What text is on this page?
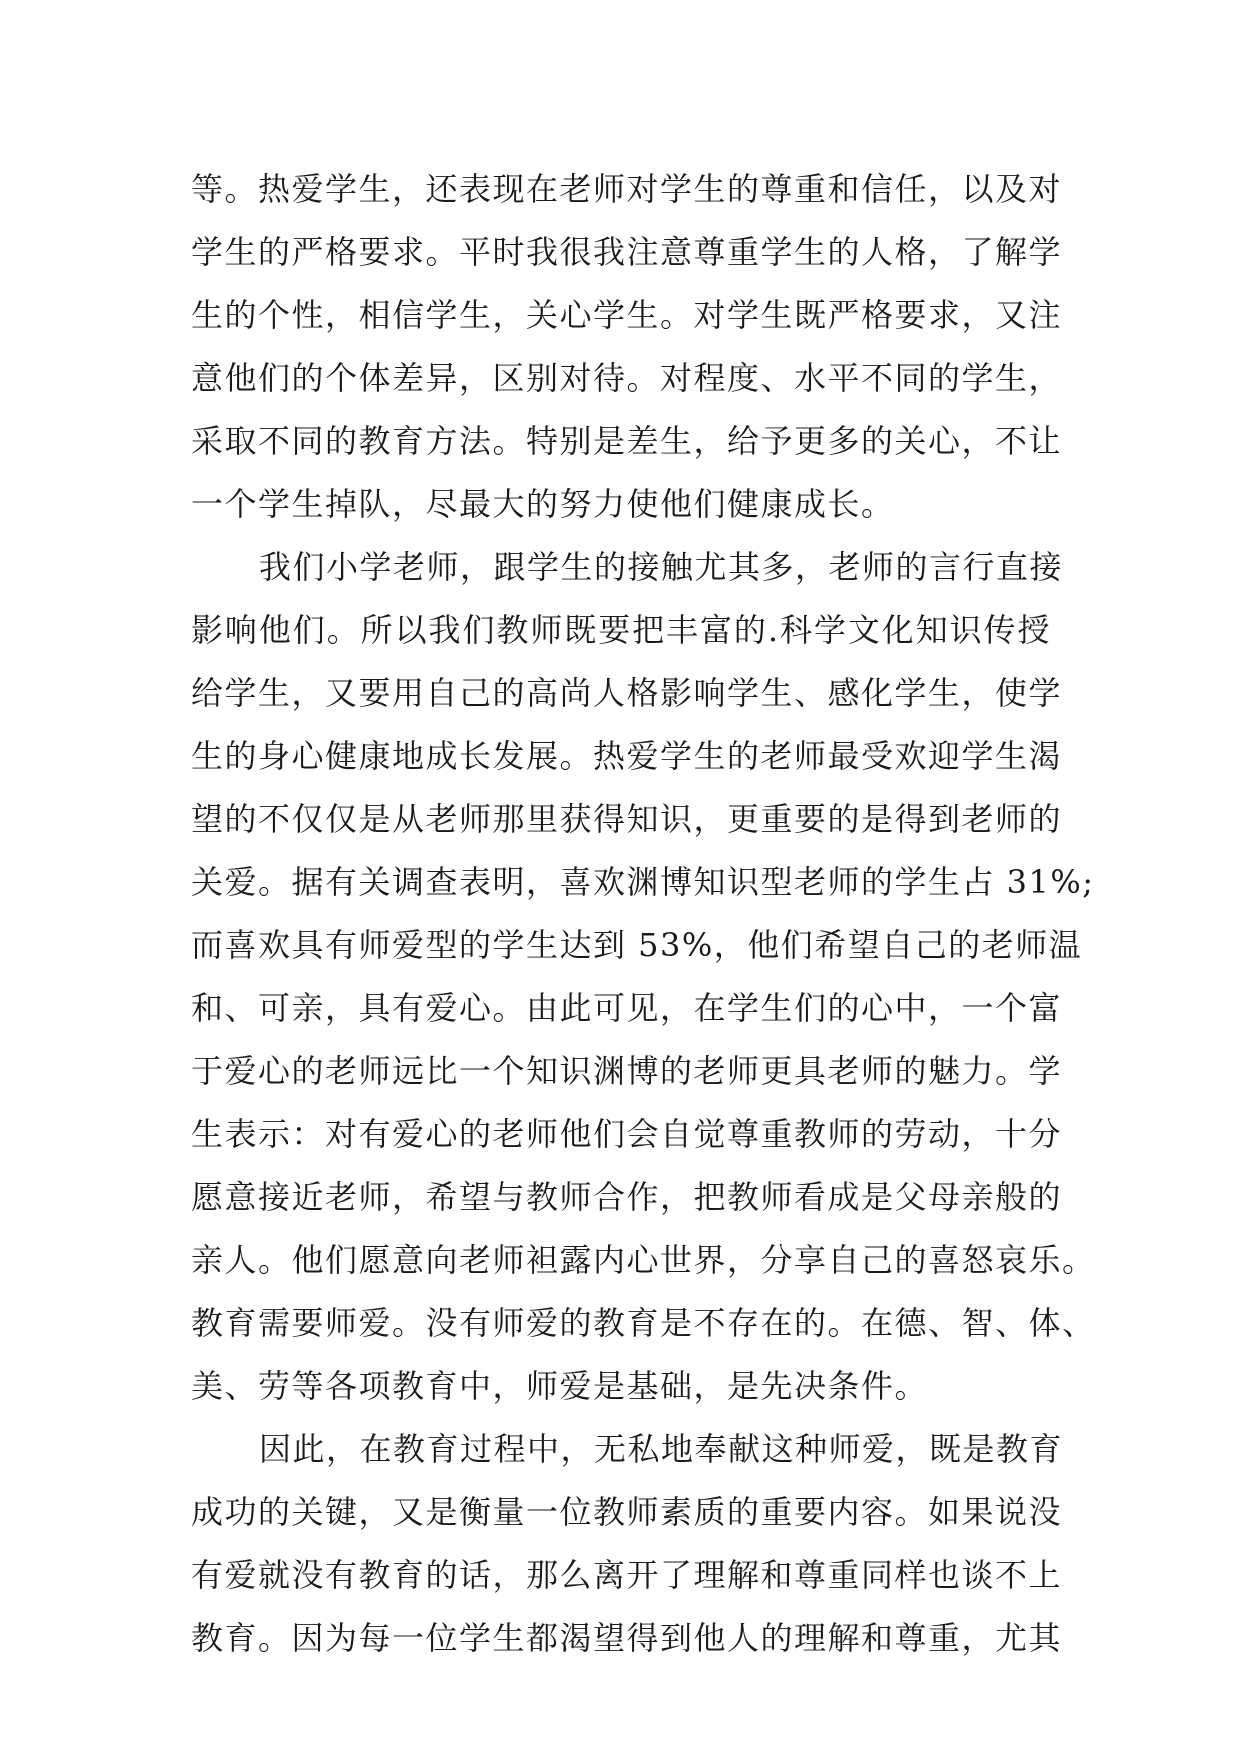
等。热爱学生，还表现在老师对学生的尊重和信任，以及对
学生的严格要求。平时我很我注意尊重学生的人格，了解学
生的个性，相信学生，关心学生。对学生既严格要求，又注
意他们的个体差异，区别对待。对程度、水平不同的学生，
采取不同的教育方法。特别是差生，给予更多的关心，不让
一个学生掉队，尽最大的努力使他们健康成长。
我们小学老师，跟学生的接触尤其多，老师的言行直接
影响他们。所以我们教师既要把丰富的.科学文化知识传授
给学生，又要用自己的高尚人格影响学生、感化学生，使学
生的身心健康地成长发展。热爱学生的老师最受欢迎学生渴
望的不仅仅是从老师那里获得知识，更重要的是得到老师的
关爱。据有关调查表明，喜欢渊博知识型老师的学生占 31%;
而喜欢具有师爱型的学生达到 53%，他们希望自己的老师温
和、可亲，具有爱心。由此可见，在学生们的心中，一个富
于爱心的老师远比一个知识渊博的老师更具老师的魅力。学
生表示：对有爱心的老师他们会自觉尊重教师的劳动，十分
愿意接近老师，希望与教师合作，把教师看成是父母亲般的
亲人。他们愿意向老师袒露内心世界，分享自己的喜怒哀乐。
教育需要师爱。没有师爱的教育是不存在的。在德、智、体、
美、劳等各项教育中，师爱是基础，是先决条件。
因此，在教育过程中，无私地奉献这种师爱，既是教育
成功的关键，又是衡量一位教师素质的重要内容。如果说没
有爱就没有教育的话，那么离开了理解和尊重同样也谈不上
教育。因为每一位学生都渴望得到他人的理解和尊重，尤其
